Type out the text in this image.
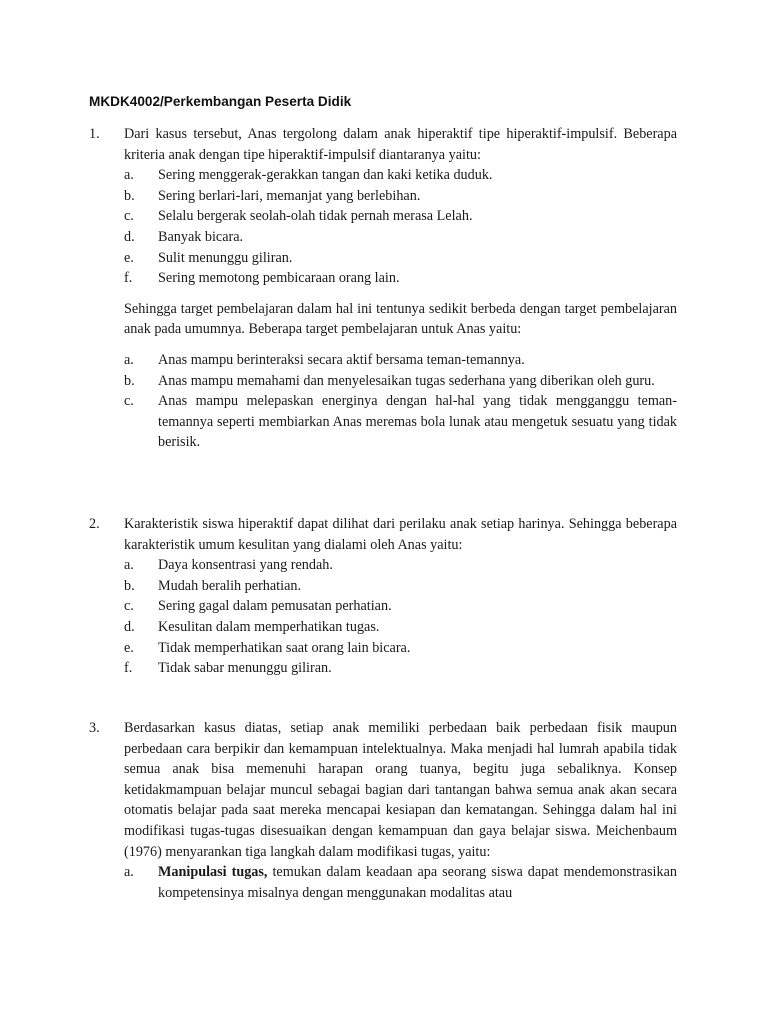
MKDK4002/Perkembangan Peserta Didik
1. Dari kasus tersebut, Anas tergolong dalam anak hiperaktif tipe hiperaktif-impulsif. Beberapa kriteria anak dengan tipe hiperaktif-impulsif diantaranya yaitu:

a. Sering menggerak-gerakkan tangan dan kaki ketika duduk.
b. Sering berlari-lari, memanjat yang berlebihan.
c. Selalu bergerak seolah-olah tidak pernah merasa Lelah.
d. Banyak bicara.
e. Sulit menunggu giliran.
f. Sering memotong pembicaraan orang lain.

Sehingga target pembelajaran dalam hal ini tentunya sedikit berbeda dengan target pembelajaran anak pada umumnya. Beberapa target pembelajaran untuk Anas yaitu:

a. Anas mampu berinteraksi secara aktif bersama teman-temannya.
b. Anas mampu memahami dan menyelesaikan tugas sederhana yang diberikan oleh guru.
c. Anas mampu melepaskan energinya dengan hal-hal yang tidak mengganggu teman-temannya seperti membiarkan Anas meremas bola lunak atau mengetuk sesuatu yang tidak berisik.
2. Karakteristik siswa hiperaktif dapat dilihat dari perilaku anak setiap harinya. Sehingga beberapa karakteristik umum kesulitan yang dialami oleh Anas yaitu:

a. Daya konsentrasi yang rendah.
b. Mudah beralih perhatian.
c. Sering gagal dalam pemusatan perhatian.
d. Kesulitan dalam memperhatikan tugas.
e. Tidak memperhatikan saat orang lain bicara.
f. Tidak sabar menunggu giliran.
3. Berdasarkan kasus diatas, setiap anak memiliki perbedaan baik perbedaan fisik maupun perbedaan cara berpikir dan kemampuan intelektualnya. Maka menjadi hal lumrah apabila tidak semua anak bisa memenuhi harapan orang tuanya, begitu juga sebaliknya. Konsep ketidakmampuan belajar muncul sebagai bagian dari tantangan bahwa semua anak akan secara otomatis belajar pada saat mereka mencapai kesiapan dan kematangan. Sehingga dalam hal ini modifikasi tugas-tugas disesuaikan dengan kemampuan dan gaya belajar siswa. Meichenbaum (1976) menyarankan tiga langkah dalam modifikasi tugas, yaitu:

a. Manipulasi tugas, temukan dalam keadaan apa seorang siswa dapat mendemonstrasikan kompetensinya misalnya dengan menggunakan modalitas atau
